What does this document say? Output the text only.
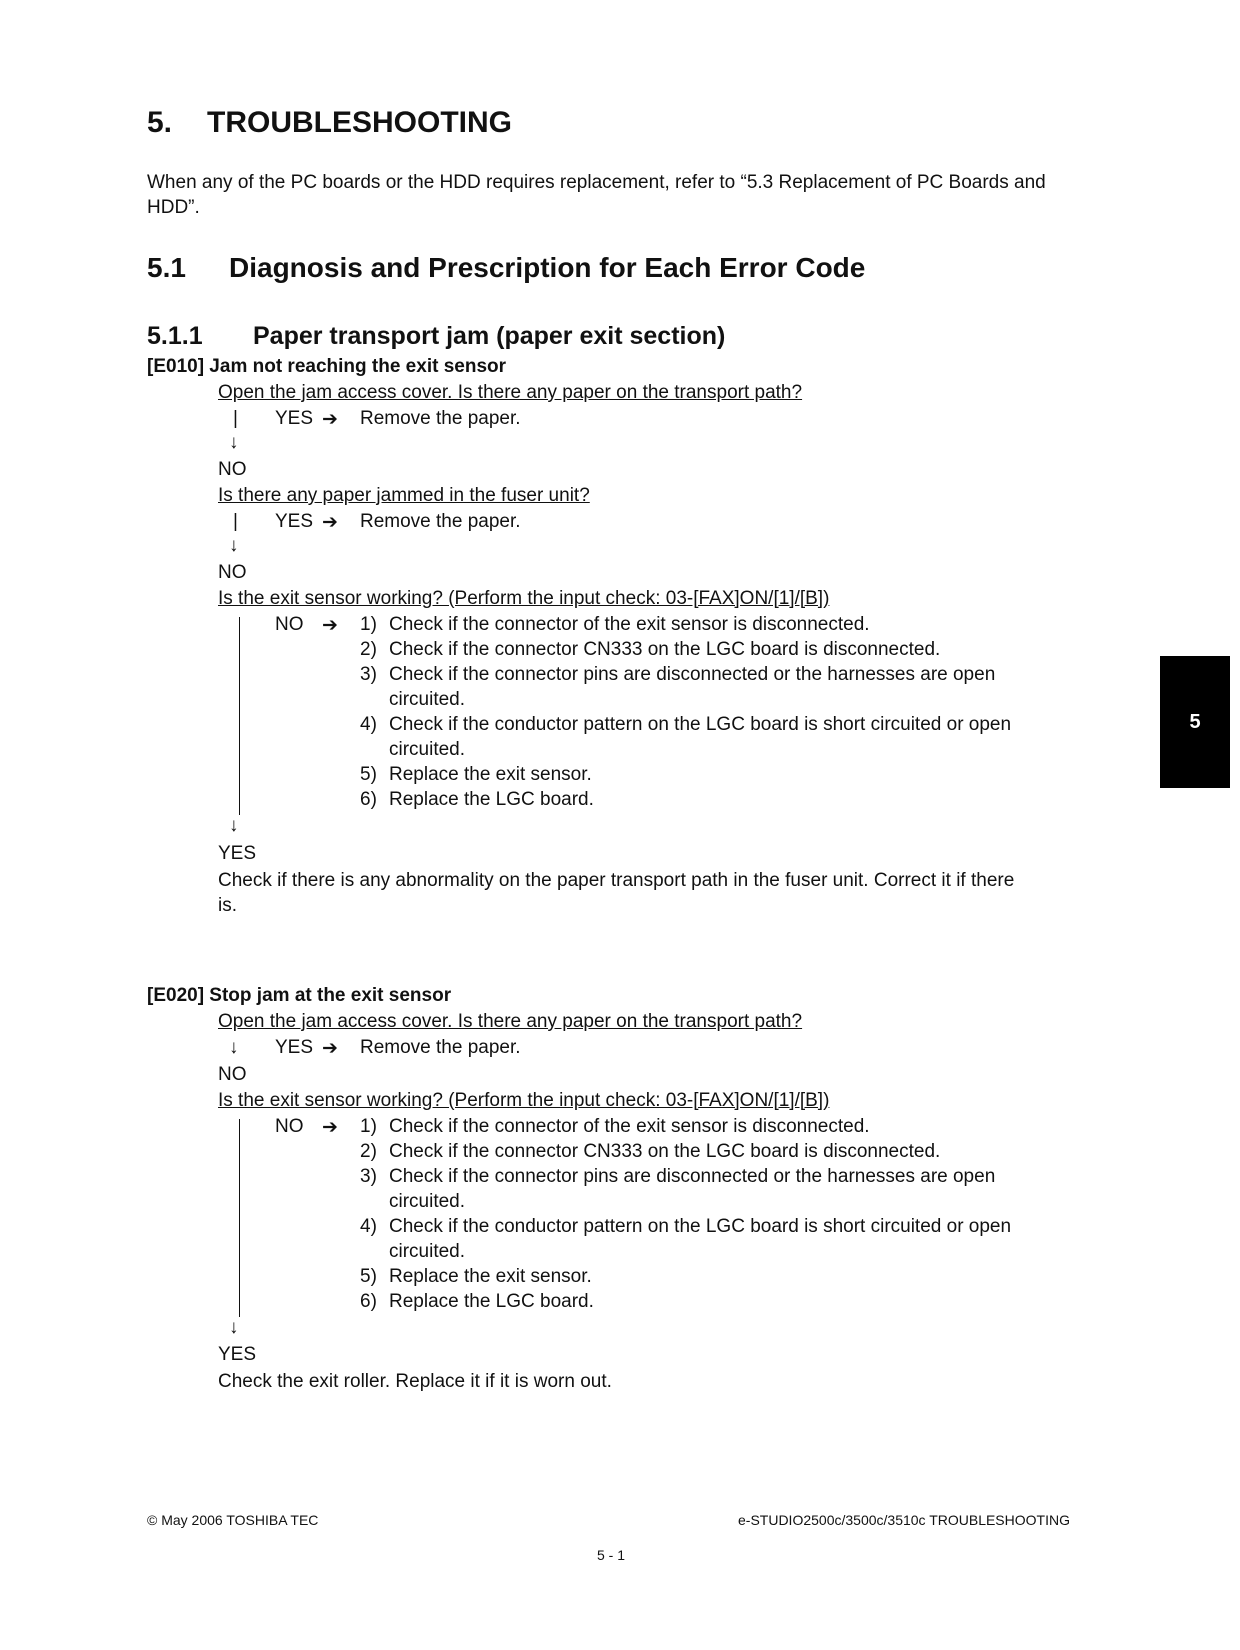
5. TROUBLESHOOTING
When any of the PC boards or the HDD requires replacement, refer to “5.3 Replacement of PC Boards and HDD”.
5.1 Diagnosis and Prescription for Each Error Code
5.1.1 Paper transport jam (paper exit section)
[E010] Jam not reaching the exit sensor
Open the jam access cover. Is there any paper on the transport path?
| YES ➔ Remove the paper.
↓
NO
Is there any paper jammed in the fuser unit?
| YES ➔ Remove the paper.
↓
NO
Is the exit sensor working? (Perform the input check: 03-[FAX]ON/[1]/[B])
NO ➔ 1) Check if the connector of the exit sensor is disconnected.
2) Check if the connector CN333 on the LGC board is disconnected.
3) Check if the connector pins are disconnected or the harnesses are open
circuited.
4) Check if the conductor pattern on the LGC board is short circuited or open
circuited.
5) Replace the exit sensor.
6) Replace the LGC board.
↓
YES
Check if there is any abnormality on the paper transport path in the fuser unit. Correct it if there
is.
[E020] Stop jam at the exit sensor
Open the jam access cover. Is there any paper on the transport path?
↓ YES ➔ Remove the paper.
NO
Is the exit sensor working? (Perform the input check: 03-[FAX]ON/[1]/[B])
NO ➔ 1) Check if the connector of the exit sensor is disconnected.
2) Check if the connector CN333 on the LGC board is disconnected.
3) Check if the connector pins are disconnected or the harnesses are open
circuited.
4) Check if the conductor pattern on the LGC board is short circuited or open
circuited.
5) Replace the exit sensor.
6) Replace the LGC board.
↓
YES
Check the exit roller. Replace it if it is worn out.
5
© May 2006 TOSHIBA TEC	e-STUDIO2500c/3500c/3510c TROUBLESHOOTING
5 - 1
